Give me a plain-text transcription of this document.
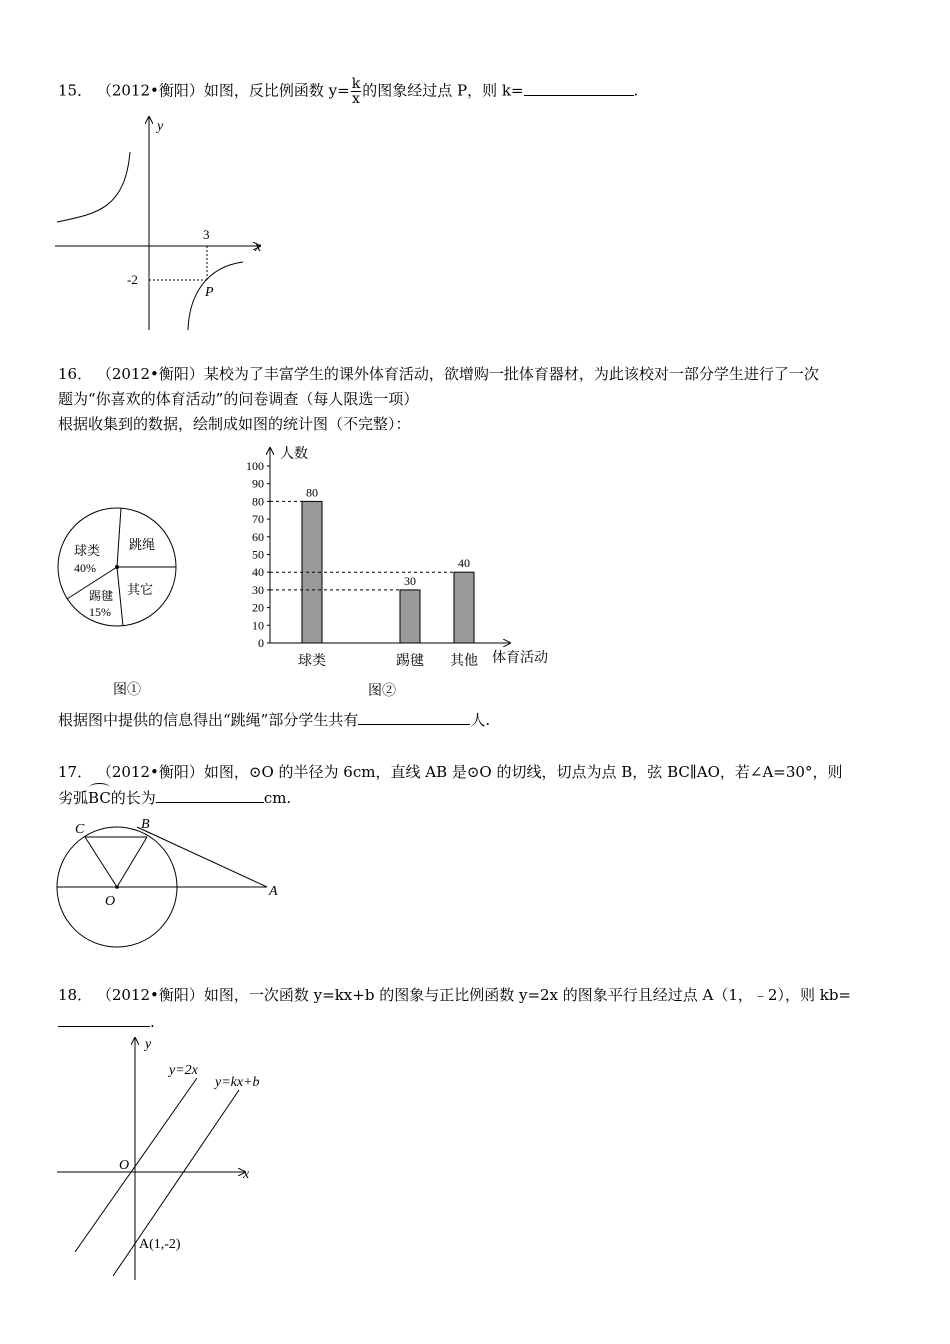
15． （2012•衡阳）如图，反比例函数 $y= \frac{k}{x}$ 的图象经过点 P，则 k=	.
y
x
3
-2
P
16． （2012•衡阳）某校为了丰富学生的课外体育活动，欲增购一批体育器材，为此该校对一部分学生进行了一次
题为“你喜欢的体育活动”的问卷调查（每人限选一项）
根据收集到的数据，绘制成如图的统计图（不完整）：
球类
40%
跳绳
其它
踢毽
15%
图①
人数
体育活动
0
10
20
30
40
50
60
70
80
90
100
80
球类
30
踢毽
40
其他
图②
根据图中提供的信息得出“跳绳”部分学生共有	人.
17． （2012•衡阳）如图，⊙O 的半径为 6cm，直线 AB 是⊙O 的切线，切点为点 B，弦 BC∥AO，若∠A=30°，则
劣弧BC的长为	cm.
C	B
O
A
18． （2012•衡阳）如图，一次函数 y=kx+b 的图象与正比例函数 y=2x 的图象平行且经过点 A（1，﹣2），则 kb=
.
y
x
O
y=2x
y=kx+b
A(1,-2)
